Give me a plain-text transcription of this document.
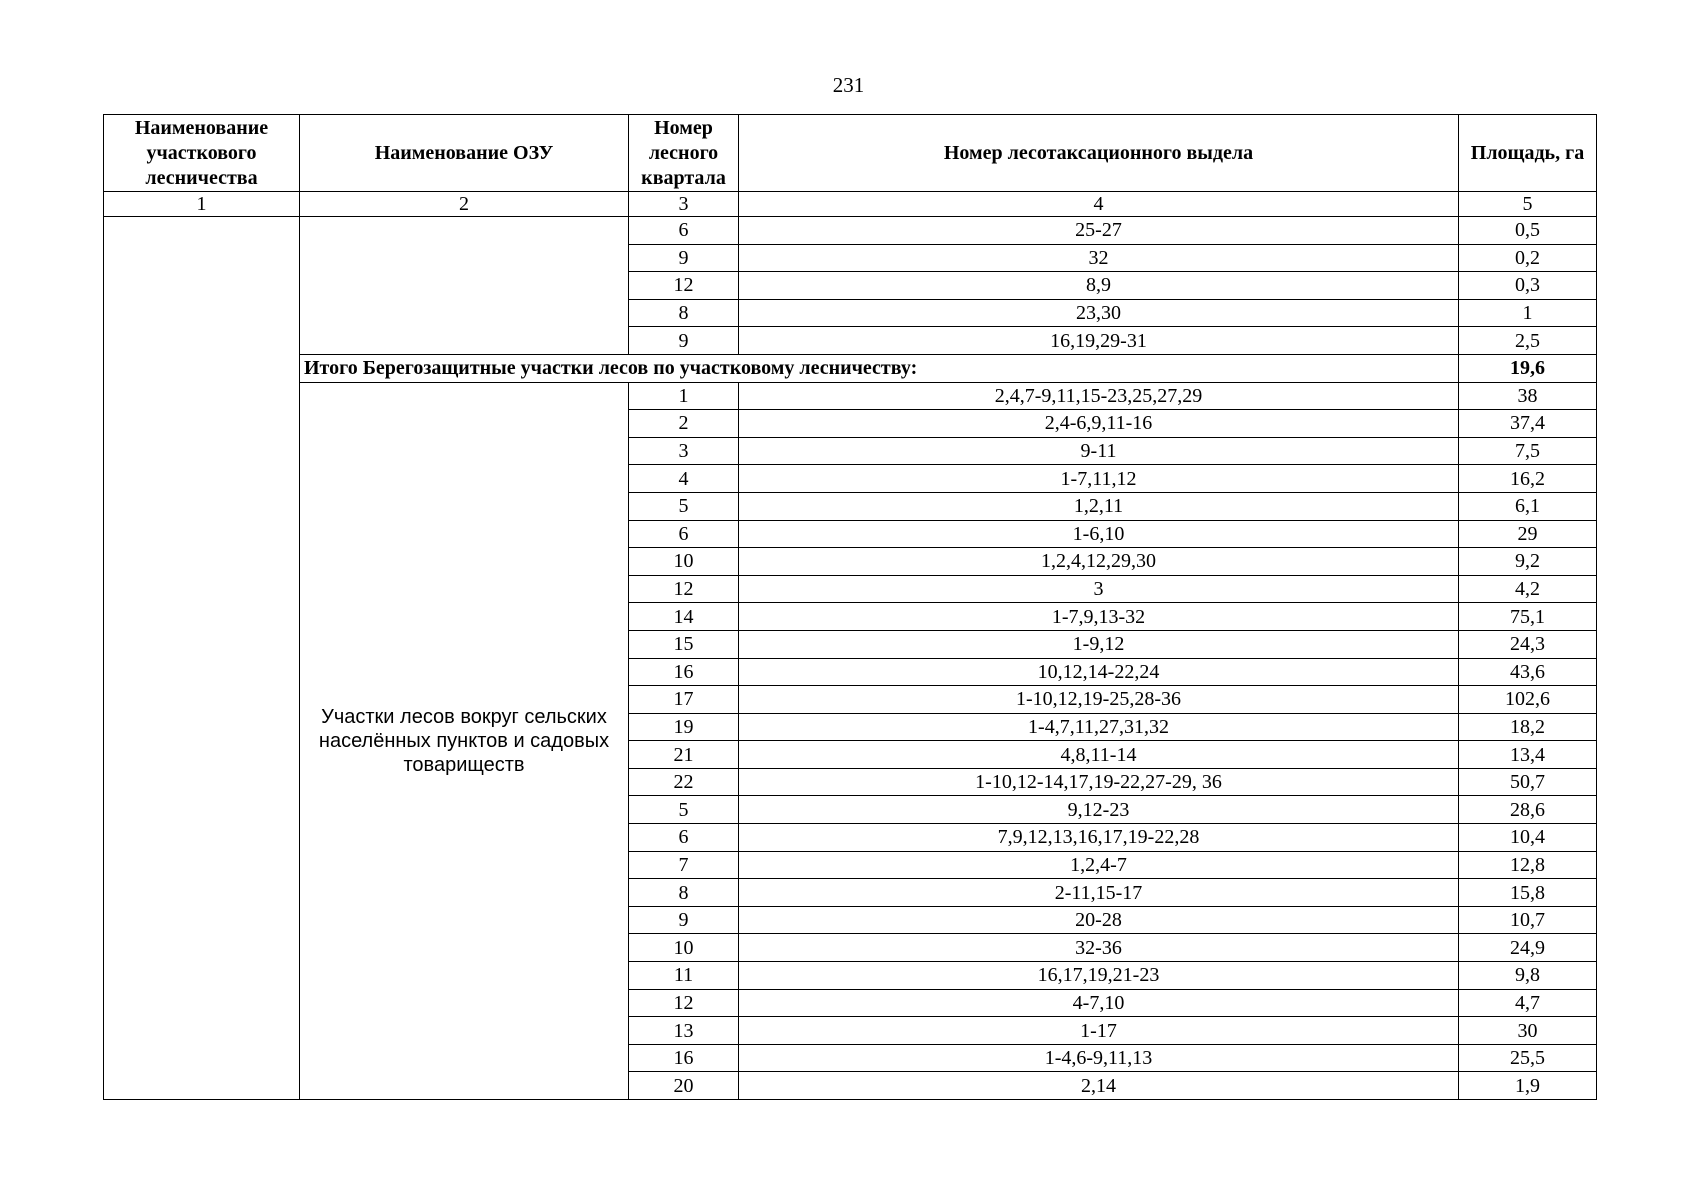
231
Наименование участкового лесничества	Наименование ОЗУ	Номер лесного квартала	Номер лесотаксационного выдела	Площадь, га
1	2	3	4	5
		6	25-27	0,5
		9	32	0,2
		12	8,9	0,3
		8	23,30	1
		9	16,19,29-31	2,5
	Итого Берегозащитные участки лесов по участковому лесничеству:			19,6
	Участки лесов вокруг сельских населённых пунктов и садовых товариществ	1	2,4,7-9,11,15-23,25,27,29	38
		2	2,4-6,9,11-16	37,4
		3	9-11	7,5
		4	1-7,11,12	16,2
		5	1,2,11	6,1
		6	1-6,10	29
		10	1,2,4,12,29,30	9,2
		12	3	4,2
		14	1-7,9,13-32	75,1
		15	1-9,12	24,3
		16	10,12,14-22,24	43,6
		17	1-10,12,19-25,28-36	102,6
		19	1-4,7,11,27,31,32	18,2
		21	4,8,11-14	13,4
		22	1-10,12-14,17,19-22,27-29, 36	50,7
		5	9,12-23	28,6
		6	7,9,12,13,16,17,19-22,28	10,4
		7	1,2,4-7	12,8
		8	2-11,15-17	15,8
		9	20-28	10,7
		10	32-36	24,9
		11	16,17,19,21-23	9,8
		12	4-7,10	4,7
		13	1-17	30
		16	1-4,6-9,11,13	25,5
		20	2,14	1,9
